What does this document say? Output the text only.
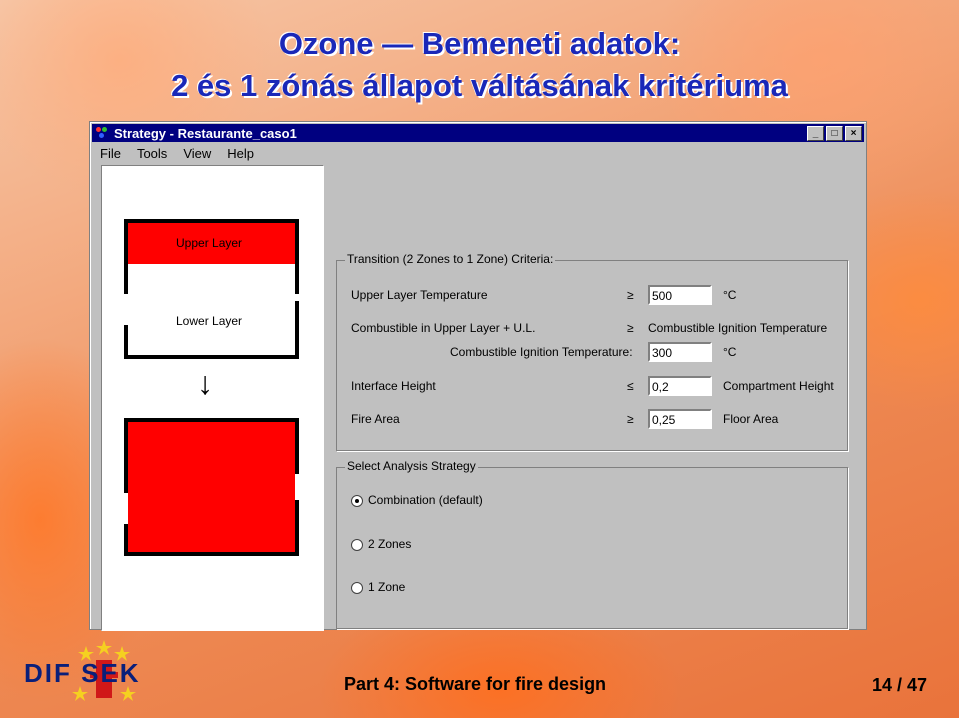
Ozone — Bemeneti adatok:
2 és 1 zónás állapot váltásának kritériuma
Strategy - Restaurante_caso1	_	□	×
File	Tools	View	Help
Upper Layer
Lower Layer
↓
Transition (2 Zones to 1 Zone) Criteria:
Upper Layer Temperature	≥	500	°C
Combustible in Upper Layer + U.L.	≥ Combustible Ignition Temperature
Combustible Ignition Temperature:	300	°C
Interface Height	≤	0,2	Compartment Height
Fire Area	≥	0,25	Floor Area
Select Analysis Strategy
Combination (default)
2 Zones
1 Zone
DIF SEK	Part 4: Software for fire design	14 / 47
